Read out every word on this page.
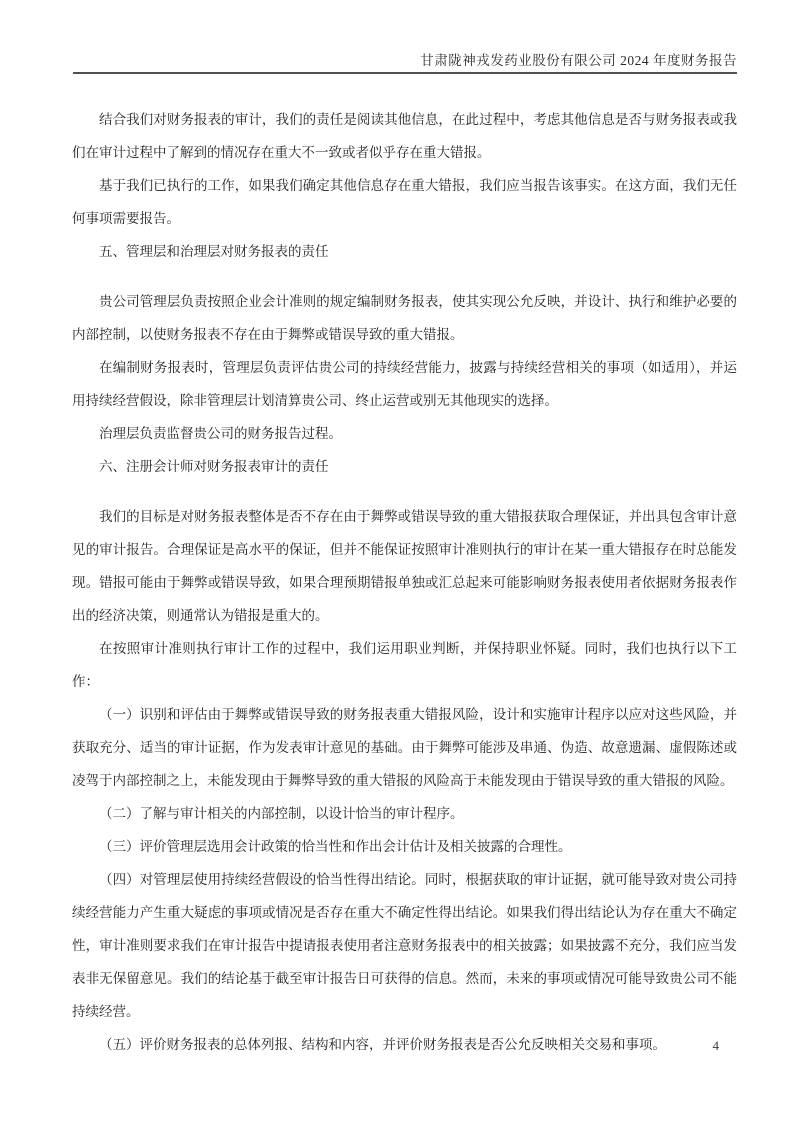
甘肃陇神戎发药业股份有限公司 2024 年度财务报告

结合我们对财务报表的审计，我们的责任是阅读其他信息，在此过程中，考虑其他信息是否与财务报表或我们在审计过程中了解到的情况存在重大不一致或者似乎存在重大错报。

基于我们已执行的工作，如果我们确定其他信息存在重大错报，我们应当报告该事实。在这方面，我们无任何事项需要报告。

五、管理层和治理层对财务报表的责任

贵公司管理层负责按照企业会计准则的规定编制财务报表，使其实现公允反映，并设计、执行和维护必要的内部控制，以使财务报表不存在由于舞弊或错误导致的重大错报。

在编制财务报表时，管理层负责评估贵公司的持续经营能力，披露与持续经营相关的事项（如适用），并运用持续经营假设，除非管理层计划清算贵公司、终止运营或别无其他现实的选择。

治理层负责监督贵公司的财务报告过程。

六、注册会计师对财务报表审计的责任

我们的目标是对财务报表整体是否不存在由于舞弊或错误导致的重大错报获取合理保证，并出具包含审计意见的审计报告。合理保证是高水平的保证，但并不能保证按照审计准则执行的审计在某一重大错报存在时总能发现。错报可能由于舞弊或错误导致，如果合理预期错报单独或汇总起来可能影响财务报表使用者依据财务报表作出的经济决策，则通常认为错报是重大的。

在按照审计准则执行审计工作的过程中，我们运用职业判断，并保持职业怀疑。同时，我们也执行以下工作：

（一）识别和评估由于舞弊或错误导致的财务报表重大错报风险，设计和实施审计程序以应对这些风险，并获取充分、适当的审计证据，作为发表审计意见的基础。由于舞弊可能涉及串通、伪造、故意遗漏、虚假陈述或凌驾于内部控制之上，未能发现由于舞弊导致的重大错报的风险高于未能发现由于错误导致的重大错报的风险。

（二）了解与审计相关的内部控制，以设计恰当的审计程序。

（三）评价管理层选用会计政策的恰当性和作出会计估计及相关披露的合理性。

（四）对管理层使用持续经营假设的恰当性得出结论。同时，根据获取的审计证据，就可能导致对贵公司持续经营能力产生重大疑虑的事项或情况是否存在重大不确定性得出结论。如果我们得出结论认为存在重大不确定性，审计准则要求我们在审计报告中提请报表使用者注意财务报表中的相关披露；如果披露不充分，我们应当发表非无保留意见。我们的结论基于截至审计报告日可获得的信息。然而，未来的事项或情况可能导致贵公司不能持续经营。

（五）评价财务报表的总体列报、结构和内容，并评价财务报表是否公允反映相关交易和事项。	4
